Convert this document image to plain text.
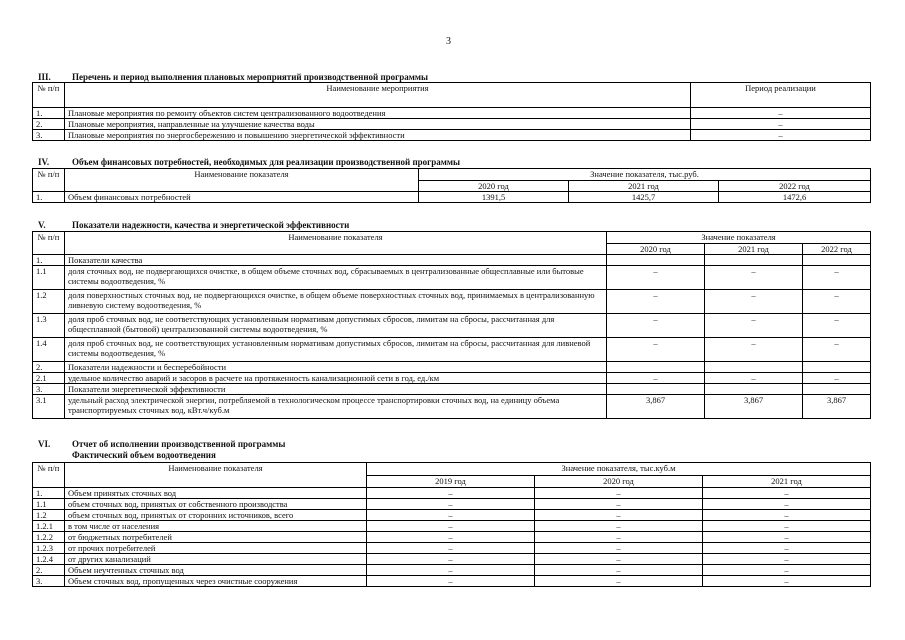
3
III. Перечень и период выполнения плановых мероприятий производственной программы
№ п/п	Наименование мероприятия	Период реализации
1.	Плановые мероприятия по ремонту объектов систем централизованного водоотведения	–
2.	Плановые мероприятия, направленные на улучшение качества воды	–
3.	Плановые мероприятия по энергосбережению и повышению энергетической эффективности	–
IV.	Объем финансовых потребностей, необходимых для реализации производственной программы
№ п/п	Наименование показателя	Значение показателя, тыс.руб.		
		2020 год	2021 год	2022 год
1.	Объем финансовых потребностей	1391,5	1425,7	1472,6
V.	Показатели надежности, качества и энергетической эффективности
№ п/п	Наименование показателя	Значение показателя		
		2020 год	2021 год	2022 год
1.	Показатели качества			
1.1	доля сточных вод, не подвергающихся очистке, в общем объеме сточных вод, сбрасываемых в централизованные общесплавные или бытовые системы водоотведения, %	–	–	–
1.2	доля поверхностных сточных вод, не подвергающихся очистке, в общем объеме поверхностных сточных вод, принимаемых в централизованную ливневую систему водоотведения, %	–	–	–
1.3	доля проб сточных вод, не соответствующих установленным нормативам допустимых сбросов, лимитам на сбросы, рассчитанная для общесплавной (бытовой) централизованной системы водоотведения, %	–	–	–
1.4	доля проб сточных вод, не соответствующих установленным нормативам допустимых сбросов, лимитам на сбросы, рассчитанная для ливневой системы водоотведения, %	–	–	–
2.	Показатели надежности и бесперебойности			
2.1	удельное количество аварий и засоров в расчете на протяженность канализационной сети в год, ед./км	–	–	–
3.	Показатели энергетической эффективности			
3.1	удельный расход электрической энергии, потребляемой в технологическом процессе транспортировки сточных вод, на единицу объема транспортируемых сточных вод, кВт.ч/куб.м	3,867	3,867	3,867
VI. Отчет об исполнении производственной программы
Фактический объем водоотведения
№ п/п	Наименование показателя	Значение показателя, тыс.куб.м		
		2019 год	2020 год	2021 год
1.	Объем принятых сточных вод	–	–	–
1.1	объем сточных вод, принятых от собственного производства	–	–	–
1.2	объем сточных вод, принятых от сторонних источников, всего	–	–	–
1.2.1	в том числе от населения	–	–	–
1.2.2	от бюджетных потребителей	–	–	–
1.2.3	от прочих потребителей	–	–	–
1.2.4	от других канализаций	–	–	–
2.	Объем неучтенных сточных вод	–	–	–
3.	Объем сточных вод, пропущенных через очистные сооружения	–	–	–
